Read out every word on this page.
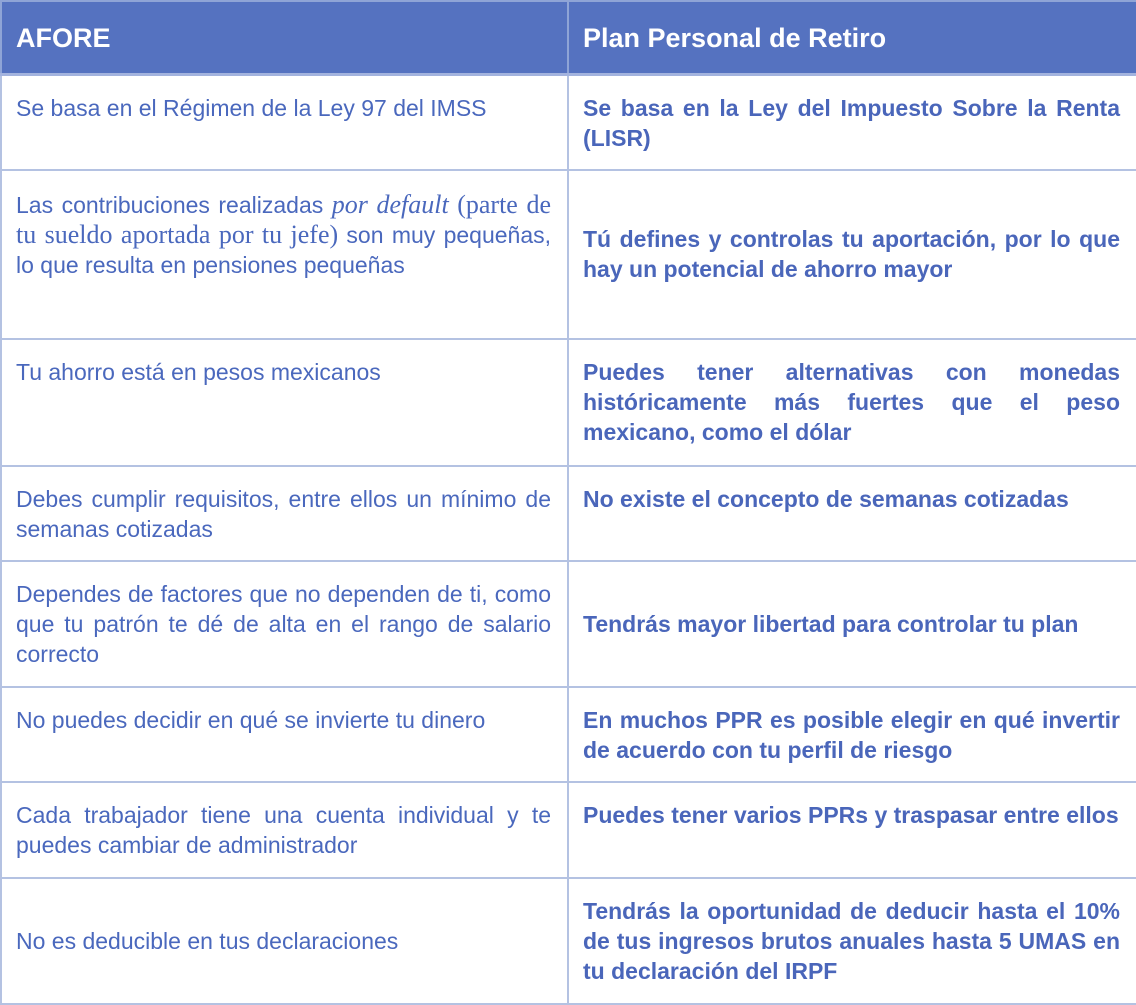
AFORE	Plan Personal de Retiro
Se basa en el Régimen de la Ley 97 del IMSS	Se basa en la Ley del Impuesto Sobre la Renta (LISR)
Las contribuciones realizadas por default (parte de tu sueldo aportada por tu jefe) son muy pequeñas, lo que resulta en pensiones pequeñas	Tú defines y controlas tu aportación, por lo que hay un potencial de ahorro mayor
Tu ahorro está en pesos mexicanos	Puedes tener alternativas con monedas históricamente más fuertes que el peso mexicano, como el dólar
Debes cumplir requisitos, entre ellos un mínimo de semanas cotizadas	No existe el concepto de semanas cotizadas
Dependes de factores que no dependen de ti, como que tu patrón te dé de alta en el rango de salario correcto	Tendrás mayor libertad para controlar tu plan
No puedes decidir en qué se invierte tu dinero	En muchos PPR es posible elegir en qué invertir de acuerdo con tu perfil de riesgo
Cada trabajador tiene una cuenta individual y te puedes cambiar de administrador	Puedes tener varios PPRs y traspasar entre ellos
No es deducible en tus declaraciones	Tendrás la oportunidad de deducir hasta el 10% de tus ingresos brutos anuales hasta 5 UMAS en tu declaración del IRPF
